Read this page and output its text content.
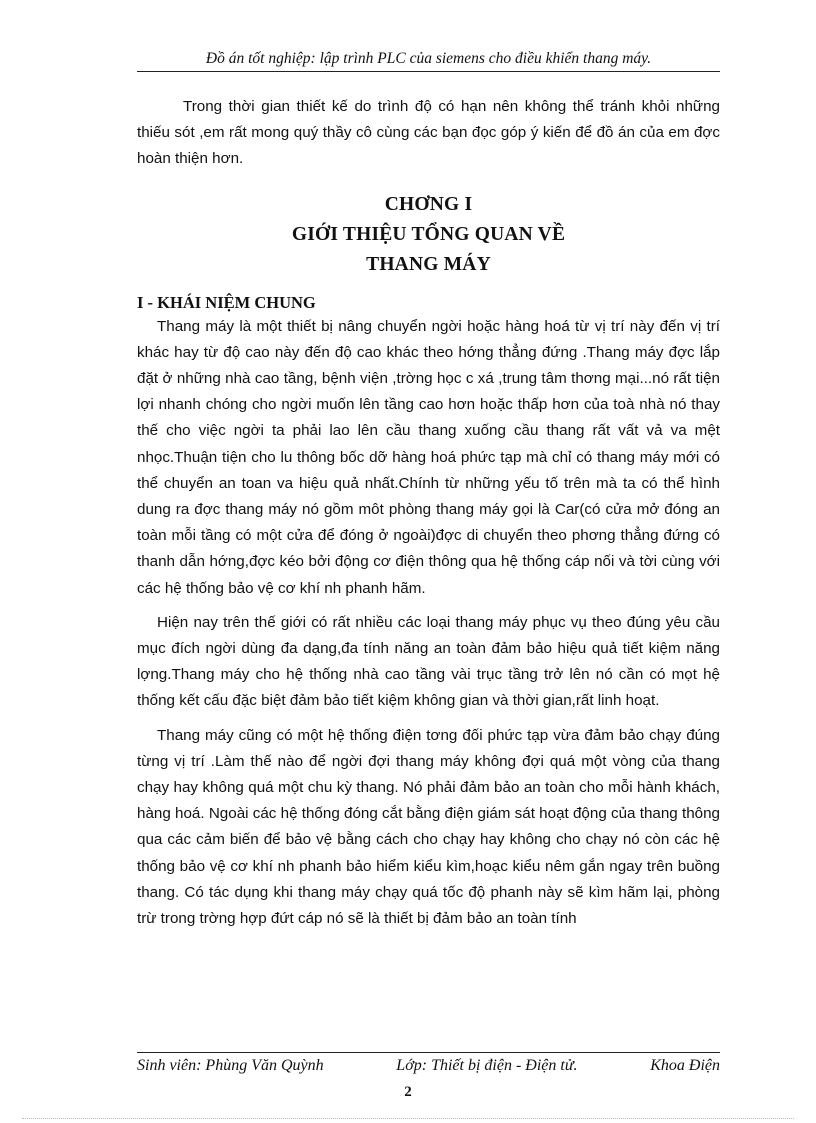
Đồ án tốt nghiệp: lập trình PLC của siemens cho điều khiển thang máy.

Trong thời gian thiết kế do trình độ có hạn nên không thể tránh khỏi những thiếu sót ,em rất mong quý thầy cô cùng các bạn đọc góp ý kiến để đồ án của em đợc hoàn thiện hơn.

CHƠNG I

GIỚI THIỆU TỔNG QUAN VỀ

THANG MÁY

I - KHÁI NIỆM CHUNG

Thang máy là một thiết bị nâng chuyển ngời hoặc hàng hoá từ vị trí này đến vị trí khác hay từ độ cao này đến độ cao khác theo hớng thẳng đứng .Thang máy đợc lắp đặt ở những nhà cao tầng, bệnh viện ,trờng học c xá ,trung tâm thơng mại...nó rất tiện lợi nhanh chóng cho ngời muốn lên tầng cao hơn hoặc thấp hơn của toà nhà nó thay thế cho việc ngời ta phải lao lên cầu thang xuống cầu thang rất vất vả va mệt nhọc.Thuận tiện cho lu thông bốc dỡ hàng hoá phức tạp mà chỉ có thang máy mới có thể chuyển an toan va hiệu quả nhất.Chính từ những yếu tố trên mà ta có thể hình dung ra đợc thang máy nó gồm môt phòng thang máy gọi là Car(có cửa mở đóng an toàn mỗi tầng có một cửa để đóng ở ngoài)đợc di chuyển theo phơng thẳng đứng có thanh dẫn hớng,đợc kéo bởi động cơ điện thông qua hệ thống cáp nối và tời cùng với các hệ thống bảo vệ cơ khí nh phanh hãm.

Hiện nay trên thế giới có rất nhiều các loại thang máy phục vụ theo đúng yêu cầu mục đích ngời dùng đa dạng,đa tính năng an toàn đảm bảo hiệu quả tiết kiệm năng lợng.Thang máy cho hệ thống nhà cao tầng vài trục tầng trở lên nó cần có mọt hệ thống kết cấu đặc biệt đảm bảo tiết kiệm không gian và thời gian,rất linh hoạt.

Thang máy cũng có một hệ thống điện tơng đối phức tạp vừa đảm bảo chạy đúng từng vị trí .Làm thế nào để ngời đợi thang máy không đợi quá một vòng của thang chạy hay không quá một chu kỳ thang. Nó phải đảm bảo an toàn cho mỗi hành khách, hàng hoá. Ngoài các hệ thống đóng cắt bằng điện giám sát hoạt động của thang thông qua các cảm biến để bảo vệ bằng cách cho chạy hay không cho chạy nó còn các hệ thống bảo vệ cơ khí nh phanh bảo hiểm kiểu kìm,hoạc kiểu nêm gắn ngay trên buồng thang. Có tác dụng khi thang máy chạy quá tốc độ phanh này sẽ kìm hãm lại, phòng trừ trong trờng hợp đứt cáp nó sẽ là thiết bị đảm bảo an toàn tính

Sinh viên: Phùng Văn Quỳnh	Lớp: Thiết bị điện - Điện tử.	Khoa Điện
2
